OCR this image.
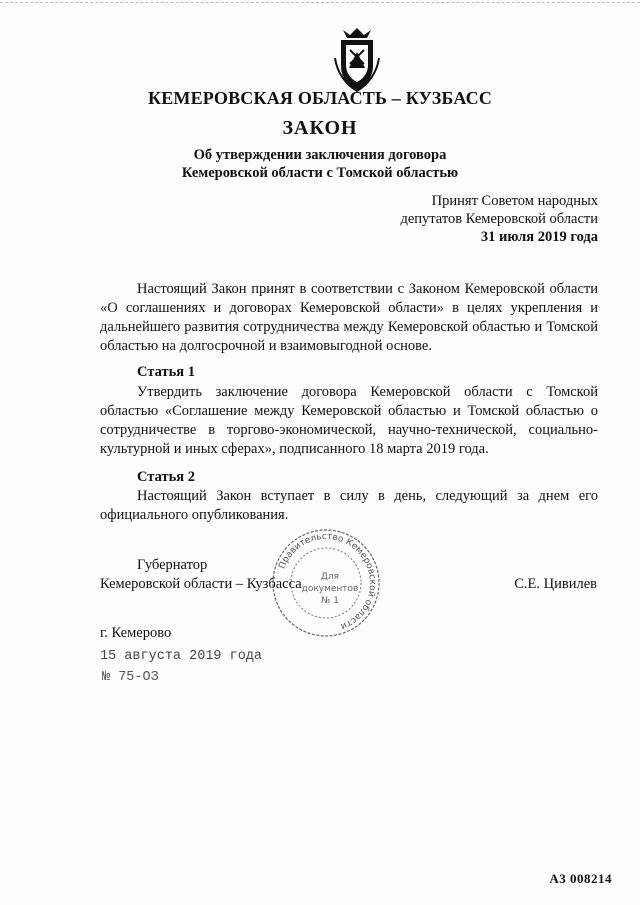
КЕМЕРОВСКАЯ ОБЛАСТЬ – КУЗБАСС
ЗАКОН
Об утверждении заключения договора
Кемеровской области с Томской областью
Принят Советом народных
депутатов Кемеровской области
31 июля 2019 года

Настоящий Закон принят в соответствии с Законом Кемеровской области «О соглашениях и договорах Кемеровской области» в целях укрепления и дальнейшего развития сотрудничества между Кемеровской областью и Томской областью на долгосрочной и взаимовыгодной основе.

Статья 1

Утвердить заключение договора Кемеровской области с Томской областью «Соглашение между Кемеровской областью и Томской областью о сотрудничестве в торгово-экономической, научно-технической, социально-культурной и иных сферах», подписанного 18 марта 2019 года.

Статья 2

Настоящий Закон вступает в силу в день, следующий за днем его официального опубликования.

Губернатор
Кемеровской области – Кузбасса	С.Е. Цивилев
Правительство Кемеровской области
Для
документов
№ 1
г. Кемерово
15 августа 2019 года
№ 75-ОЗ
А3 008214
